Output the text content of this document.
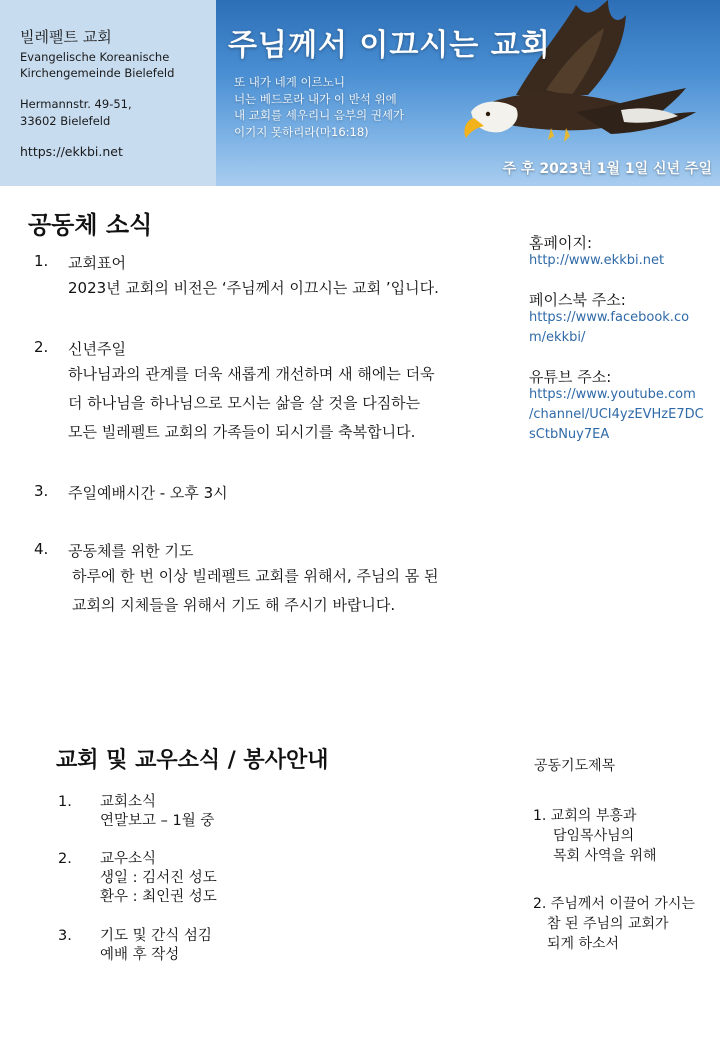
빌레펠트 교회
Evangelische Koreanische
Kirchengemeinde Bielefeld
Hermannstr. 49-51,
33602 Bielefeld
https://ekkbi.net
주님께서 이끄시는 교회
또 내가 네게 이르노니
너는 베드로라 내가 이 반석 위에
내 교회를 세우리니 음부의 권세가
이기지 못하리라(마16:18)
주 후 2023년 1월 1일 신년 주일
공동체 소식
1. 교회표어
2023년 교회의 비전은 ‘주님께서 이끄시는 교회 ’입니다.
2. 신년주일
하나님과의 관계를 더욱 새롭게 개선하며 새 해에는 더욱
더 하나님을 하나님으로 모시는 삶을 살 것을 다짐하는
모든 빌레펠트 교회의 가족들이 되시기를 축복합니다.
3. 주일예배시간 - 오후 3시
4. 공동체를 위한 기도
하루에 한 번 이상 빌레펠트 교회를 위해서, 주님의 몸 된
교회의 지체들을 위해서 기도 해 주시기 바랍니다.
홈페이지:
http://www.ekkbi.net
페이스북 주소:
https://www.facebook.co
m/ekkbi/
유튜브 주소:
https://www.youtube.com
/channel/UCI4yzEVHzE7DC
sCtbNuy7EA
교회 및 교우소식 / 봉사안내
1. 교회소식
연말보고 – 1월 중
2. 교우소식
생일 : 김서진 성도
환우 : 최인권 성도
3. 기도 및 간식 섬김
예배 후 작성
공동기도제목
1. 교회의 부흥과
담임목사님의
목회 사역을 위해
2. 주님께서 이끌어 가시는
참 된 주님의 교회가
되게 하소서
